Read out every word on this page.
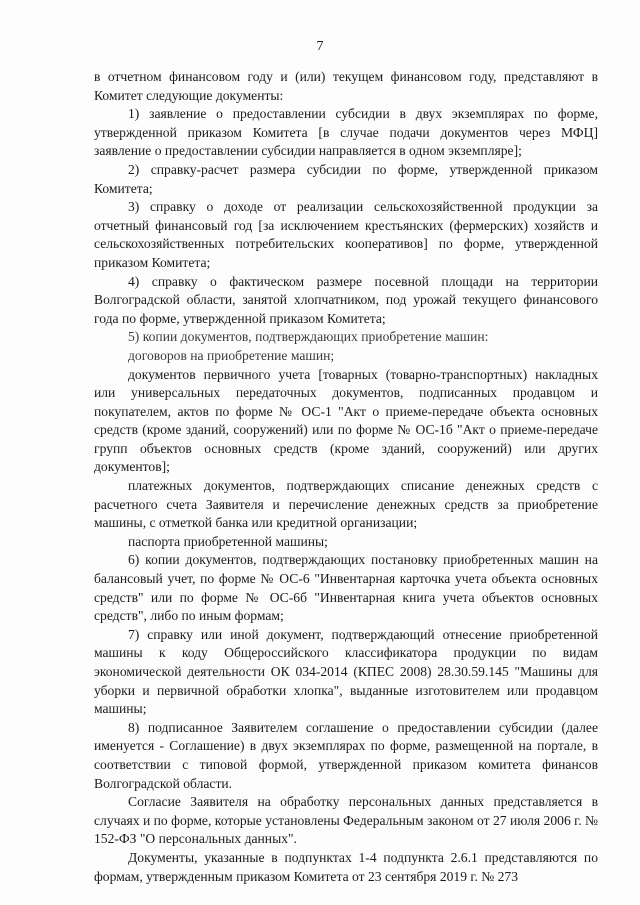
7

в отчетном финансовом году и (или) текущем финансовом году, представляют в Комитет следующие документы:

1) заявление о предоставлении субсидии в двух экземплярах по форме, утвержденной приказом Комитета [в случае подачи документов через МФЦ] заявление о предоставлении субсидии направляется в одном экземпляре];

2) справку-расчет размера субсидии по форме, утвержденной приказом Комитета;

3) справку о доходе от реализации сельскохозяйственной продукции за отчетный финансовый год [за исключением крестьянских (фермерских) хозяйств и сельскохозяйственных потребительских кооперативов] по форме, утвержденной приказом Комитета;

4) справку о фактическом размере посевной площади на территории Волгоградской области, занятой хлопчатником, под урожай текущего финансового года по форме, утвержденной приказом Комитета;

5) копии документов, подтверждающих приобретение машин:

договоров на приобретение машин;

документов первичного учета [товарных (товарно-транспортных) накладных или универсальных передаточных документов, подписанных продавцом и покупателем, актов по форме № ОС-1 "Акт о приеме-передаче объекта основных средств (кроме зданий, сооружений) или по форме № ОС-1б "Акт о приеме-передаче групп объектов основных средств (кроме зданий, сооружений) или других документов];

платежных документов, подтверждающих списание денежных средств с расчетного счета Заявителя и перечисление денежных средств за приобретение машины, с отметкой банка или кредитной организации;

паспорта приобретенной машины;

6) копии документов, подтверждающих постановку приобретенных машин на балансовый учет, по форме № ОС-6 "Инвентарная карточка учета объекта основных средств" или по форме № ОС-6б "Инвентарная книга учета объектов основных средств", либо по иным формам;

7) справку или иной документ, подтверждающий отнесение приобретенной машины к коду Общероссийского классификатора продукции по видам экономической деятельности ОК 034-2014 (КПЕС 2008) 28.30.59.145 "Машины для уборки и первичной обработки хлопка", выданные изготовителем или продавцом машины;

8) подписанное Заявителем соглашение о предоставлении субсидии (далее именуется - Соглашение) в двух экземплярах по форме, размещенной на портале, в соответствии с типовой формой, утвержденной приказом комитета финансов Волгоградской области.

Согласие Заявителя на обработку персональных данных представляется в случаях и по форме, которые установлены Федеральным законом от 27 июля 2006 г. № 152-ФЗ "О персональных данных".

Документы, указанные в подпунктах 1-4 подпункта 2.6.1 представляются по формам, утвержденным приказом Комитета от 23 сентября 2019 г. № 273
